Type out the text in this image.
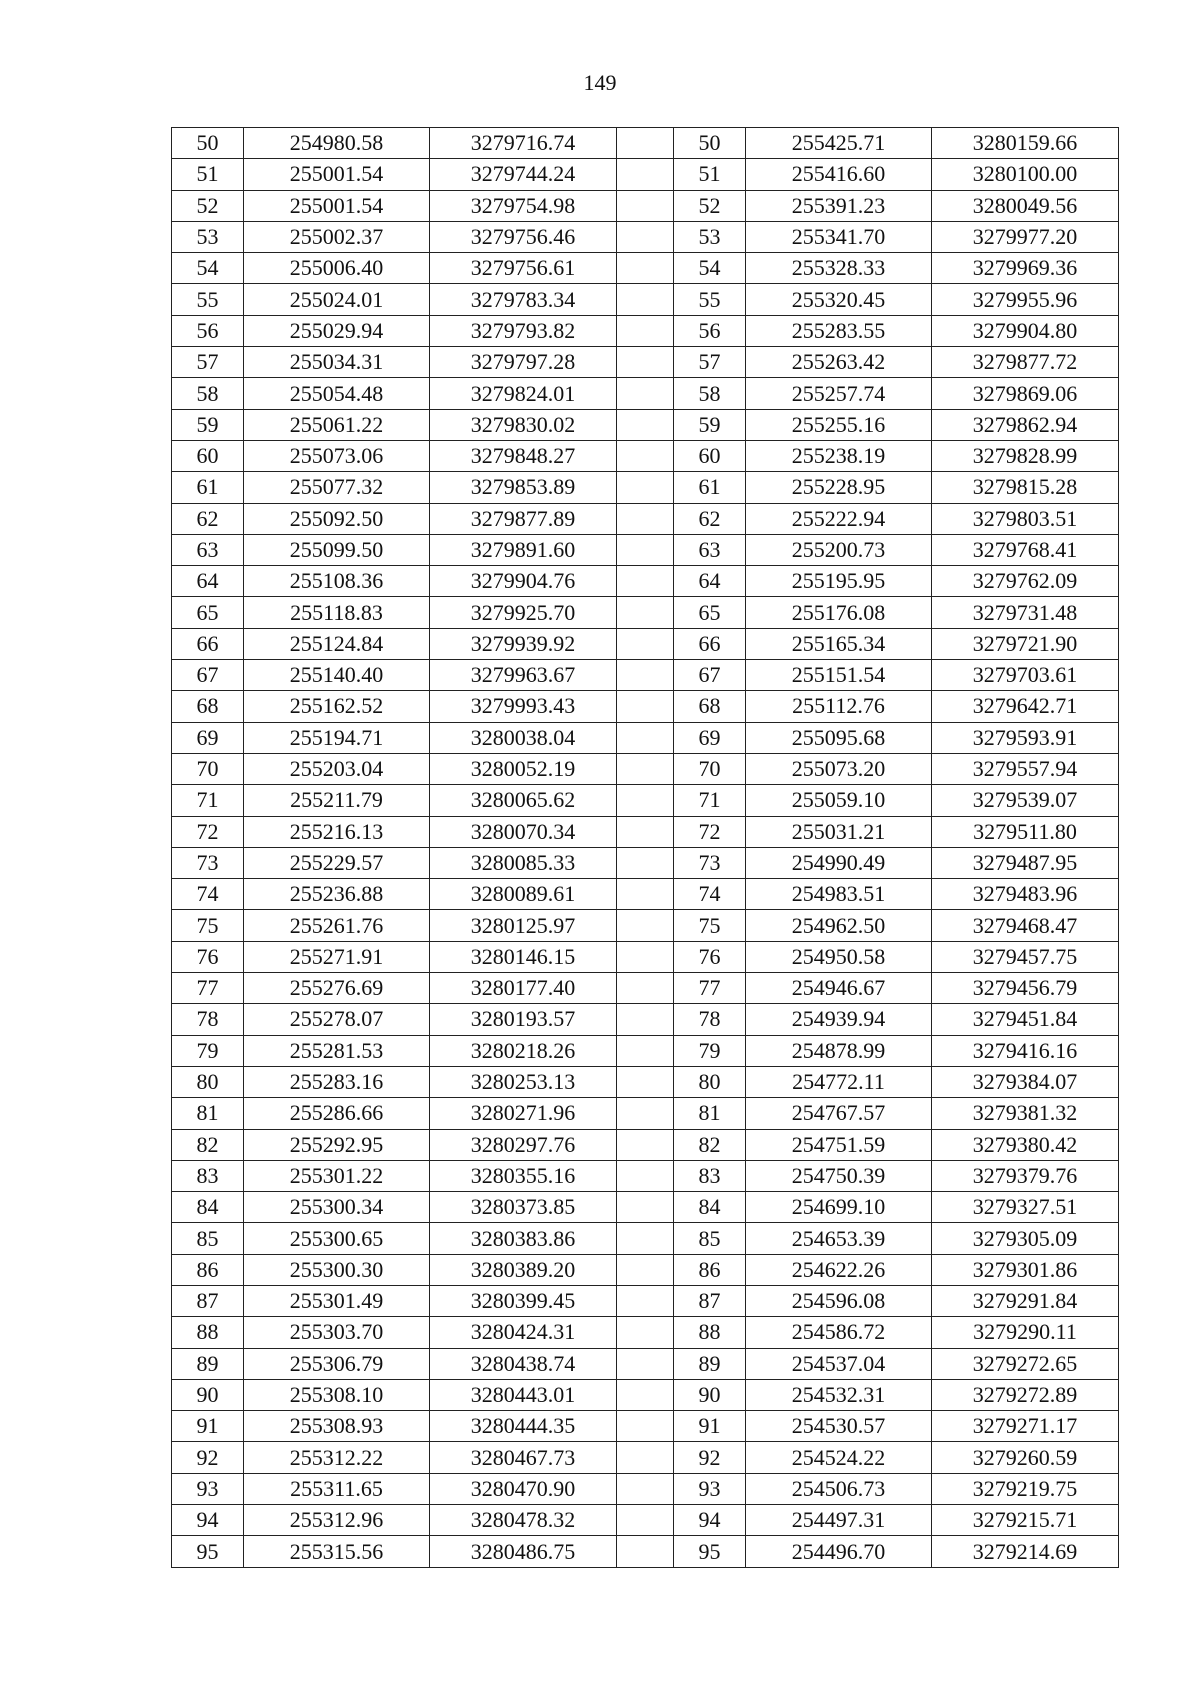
149
50	254980.58	3279716.74		50	255425.71	3280159.66
51	255001.54	3279744.24		51	255416.60	3280100.00
52	255001.54	3279754.98		52	255391.23	3280049.56
53	255002.37	3279756.46		53	255341.70	3279977.20
54	255006.40	3279756.61		54	255328.33	3279969.36
55	255024.01	3279783.34		55	255320.45	3279955.96
56	255029.94	3279793.82		56	255283.55	3279904.80
57	255034.31	3279797.28		57	255263.42	3279877.72
58	255054.48	3279824.01		58	255257.74	3279869.06
59	255061.22	3279830.02		59	255255.16	3279862.94
60	255073.06	3279848.27		60	255238.19	3279828.99
61	255077.32	3279853.89		61	255228.95	3279815.28
62	255092.50	3279877.89		62	255222.94	3279803.51
63	255099.50	3279891.60		63	255200.73	3279768.41
64	255108.36	3279904.76		64	255195.95	3279762.09
65	255118.83	3279925.70		65	255176.08	3279731.48
66	255124.84	3279939.92		66	255165.34	3279721.90
67	255140.40	3279963.67		67	255151.54	3279703.61
68	255162.52	3279993.43		68	255112.76	3279642.71
69	255194.71	3280038.04		69	255095.68	3279593.91
70	255203.04	3280052.19		70	255073.20	3279557.94
71	255211.79	3280065.62		71	255059.10	3279539.07
72	255216.13	3280070.34		72	255031.21	3279511.80
73	255229.57	3280085.33		73	254990.49	3279487.95
74	255236.88	3280089.61		74	254983.51	3279483.96
75	255261.76	3280125.97		75	254962.50	3279468.47
76	255271.91	3280146.15		76	254950.58	3279457.75
77	255276.69	3280177.40		77	254946.67	3279456.79
78	255278.07	3280193.57		78	254939.94	3279451.84
79	255281.53	3280218.26		79	254878.99	3279416.16
80	255283.16	3280253.13		80	254772.11	3279384.07
81	255286.66	3280271.96		81	254767.57	3279381.32
82	255292.95	3280297.76		82	254751.59	3279380.42
83	255301.22	3280355.16		83	254750.39	3279379.76
84	255300.34	3280373.85		84	254699.10	3279327.51
85	255300.65	3280383.86		85	254653.39	3279305.09
86	255300.30	3280389.20		86	254622.26	3279301.86
87	255301.49	3280399.45		87	254596.08	3279291.84
88	255303.70	3280424.31		88	254586.72	3279290.11
89	255306.79	3280438.74		89	254537.04	3279272.65
90	255308.10	3280443.01		90	254532.31	3279272.89
91	255308.93	3280444.35		91	254530.57	3279271.17
92	255312.22	3280467.73		92	254524.22	3279260.59
93	255311.65	3280470.90		93	254506.73	3279219.75
94	255312.96	3280478.32		94	254497.31	3279215.71
95	255315.56	3280486.75		95	254496.70	3279214.69
